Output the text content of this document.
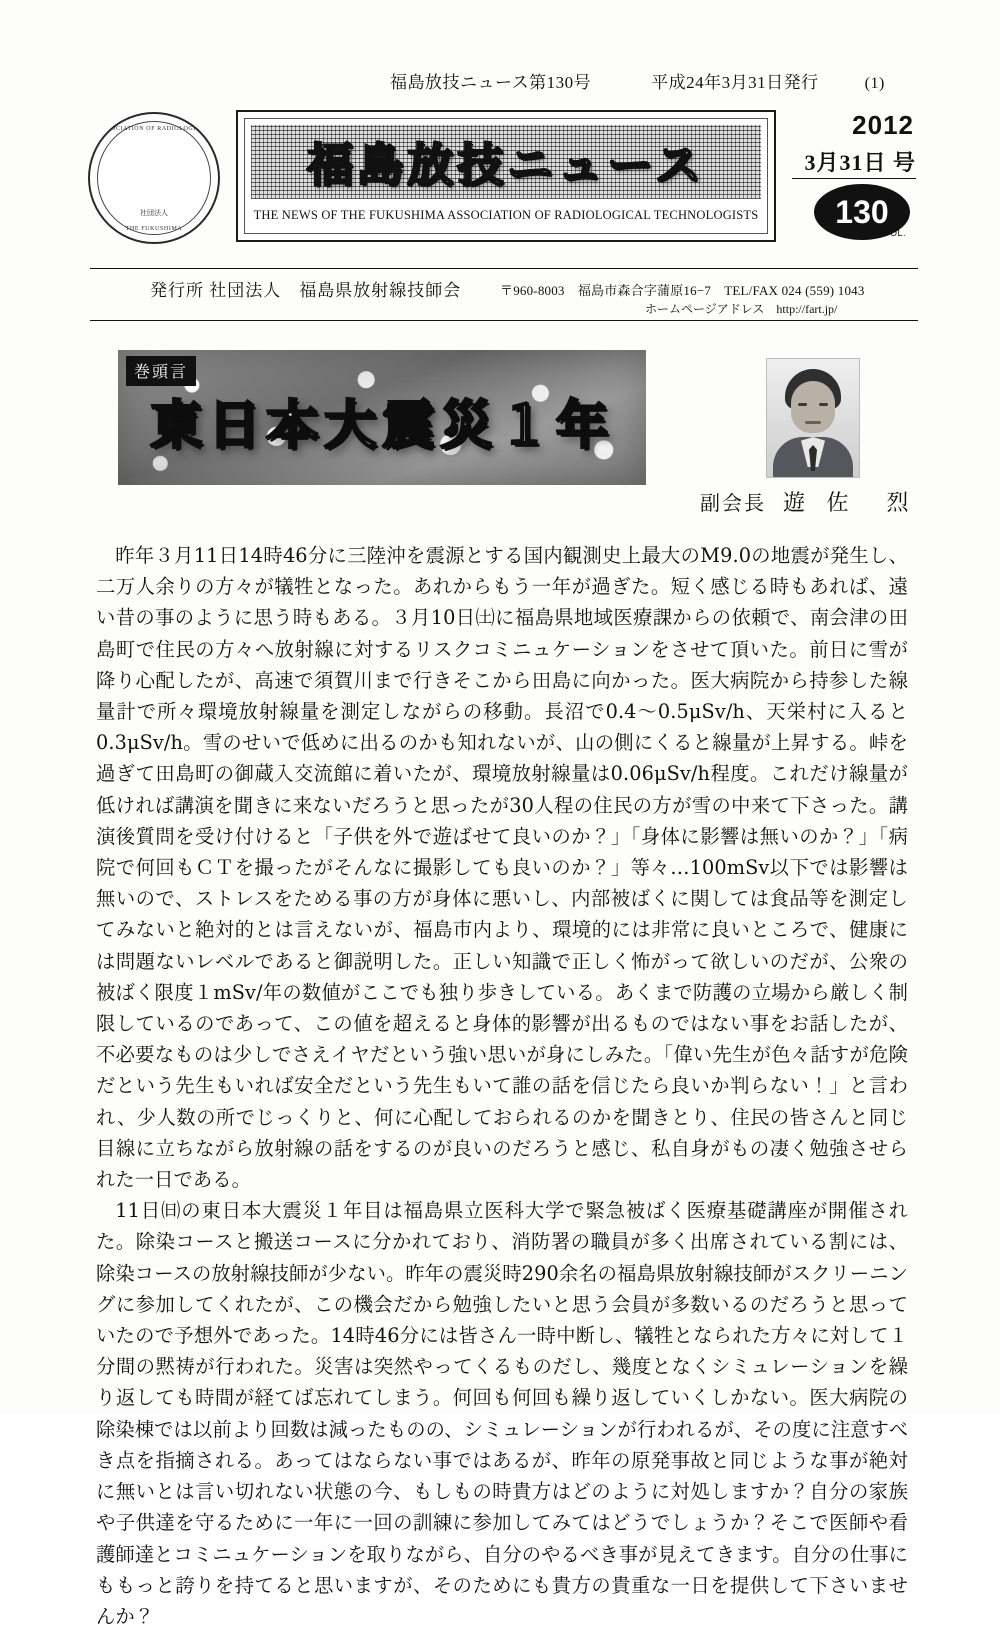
福島放技ニュース第130号	平成24年3月31日発行	(1)
ASSOCIATION OF RADIOLOGICAL
社団法人
THE FUKUSHIMA
福島放技ニュース
THE NEWS OF THE FUKUSHIMA ASSOCIATION OF RADIOLOGICAL TECHNOLOGISTS
2012
3月31日 号
130
VOL.
発行所 社団法人　福島県放射線技師会	〒960-8003　福島市森合字蒲原16−7　TEL/FAX 024 (559) 1043
ホームページアドレス　http://fart.jp/
巻頭言
東日本大震災１年
副会長 遊 佐　烈

昨年３月11日14時46分に三陸沖を震源とする国内観測史上最大のM9.0の地震が発生し、二万人余りの方々が犠牲となった。あれからもう一年が過ぎた。短く感じる時もあれば、遠い昔の事のように思う時もある。３月10日㈯に福島県地域医療課からの依頼で、南会津の田島町で住民の方々へ放射線に対するリスクコミニュケーションをさせて頂いた。前日に雪が降り心配したが、高速で須賀川まで行きそこから田島に向かった。医大病院から持参した線量計で所々環境放射線量を測定しながらの移動。長沼で0.4〜0.5μSv/h、天栄村に入ると0.3μSv/h。雪のせいで低めに出るのかも知れないが、山の側にくると線量が上昇する。峠を過ぎて田島町の御蔵入交流館に着いたが、環境放射線量は0.06μSv/h程度。これだけ線量が低ければ講演を聞きに来ないだろうと思ったが30人程の住民の方が雪の中来て下さった。講演後質問を受け付けると「子供を外で遊ばせて良いのか？」「身体に影響は無いのか？」「病院で何回もＣＴを撮ったがそんなに撮影しても良いのか？」等々…100mSv以下では影響は無いので、ストレスをためる事の方が身体に悪いし、内部被ばくに関しては食品等を測定してみないと絶対的とは言えないが、福島市内より、環境的には非常に良いところで、健康には問題ないレベルであると御説明した。正しい知識で正しく怖がって欲しいのだが、公衆の被ばく限度１mSv/年の数値がここでも独り歩きしている。あくまで防護の立場から厳しく制限しているのであって、この値を超えると身体的影響が出るものではない事をお話したが、不必要なものは少しでさえイヤだという強い思いが身にしみた。「偉い先生が色々話すが危険だという先生もいれば安全だという先生もいて誰の話を信じたら良いか判らない！」と言われ、少人数の所でじっくりと、何に心配しておられるのかを聞きとり、住民の皆さんと同じ目線に立ちながら放射線の話をするのが良いのだろうと感じ、私自身がもの凄く勉強させられた一日である。

11日㈰の東日本大震災１年目は福島県立医科大学で緊急被ばく医療基礎講座が開催された。除染コースと搬送コースに分かれており、消防署の職員が多く出席されている割には、除染コースの放射線技師が少ない。昨年の震災時290余名の福島県放射線技師がスクリーニングに参加してくれたが、この機会だから勉強したいと思う会員が多数いるのだろうと思っていたので予想外であった。14時46分には皆さん一時中断し、犠牲となられた方々に対して１分間の黙祷が行われた。災害は突然やってくるものだし、幾度となくシミュレーションを繰り返しても時間が経てば忘れてしまう。何回も何回も繰り返していくしかない。医大病院の除染棟では以前より回数は減ったものの、シミュレーションが行われるが、その度に注意すべき点を指摘される。あってはならない事ではあるが、昨年の原発事故と同じような事が絶対に無いとは言い切れない状態の今、もしもの時貴方はどのように対処しますか？自分の家族や子供達を守るために一年に一回の訓練に参加してみてはどうでしょうか？そこで医師や看護師達とコミニュケーションを取りながら、自分のやるべき事が見えてきます。自分の仕事にももっと誇りを持てると思いますが、そのためにも貴方の貴重な一日を提供して下さいませんか？
